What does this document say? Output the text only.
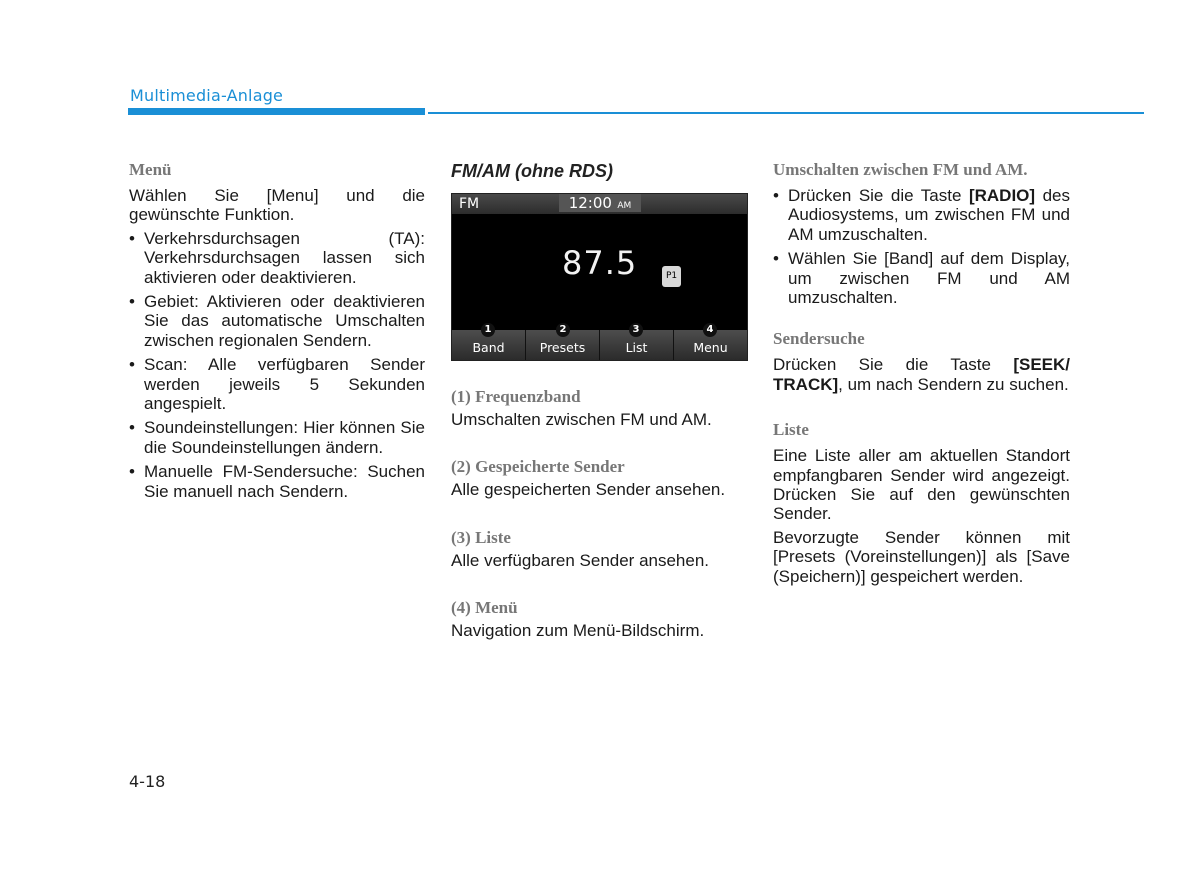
Multimedia-Anlage
Menü
Wählen Sie [Menu] und die gewünschte Funktion.
• Verkehrsdurchsagen (TA): Verkehrsdurchsagen lassen sich aktivieren oder deaktivieren.
• Gebiet: Aktivieren oder deaktivieren Sie das automatische Umschalten zwischen regionalen Sendern.
• Scan: Alle verfügbaren Sender werden jeweils 5 Sekunden angespielt.
• Soundeinstellungen: Hier können Sie die Soundeinstellungen ändern.
• Manuelle FM-Sendersuche: Suchen Sie manuell nach Sendern.
FM/AM (ohne RDS)
FM	12:00 AM
87.5	P1
Band	Presets	List	Menu
1	2	3	4
(1) Frequenzband
Umschalten zwischen FM und AM.
(2) Gespeicherte Sender
Alle gespeicherten Sender ansehen.
(3) Liste
Alle verfügbaren Sender ansehen.
(4) Menü
Navigation zum Menü-Bildschirm.
Umschalten zwischen FM und AM.
• Drücken Sie die Taste [RADIO] des Audiosystems, um zwischen FM und AM umzuschalten.
• Wählen Sie [Band] auf dem Display, um zwischen FM und AM umzuschalten.
Sendersuche
Drücken Sie die Taste [SEEK/ TRACK], um nach Sendern zu suchen.
Liste
Eine Liste aller am aktuellen Standort empfangbaren Sender wird angezeigt. Drücken Sie auf den gewünschten Sender.
Bevorzugte Sender können mit [Presets (Voreinstellungen)] als [Save (Speichern)] gespeichert werden.
4-18
